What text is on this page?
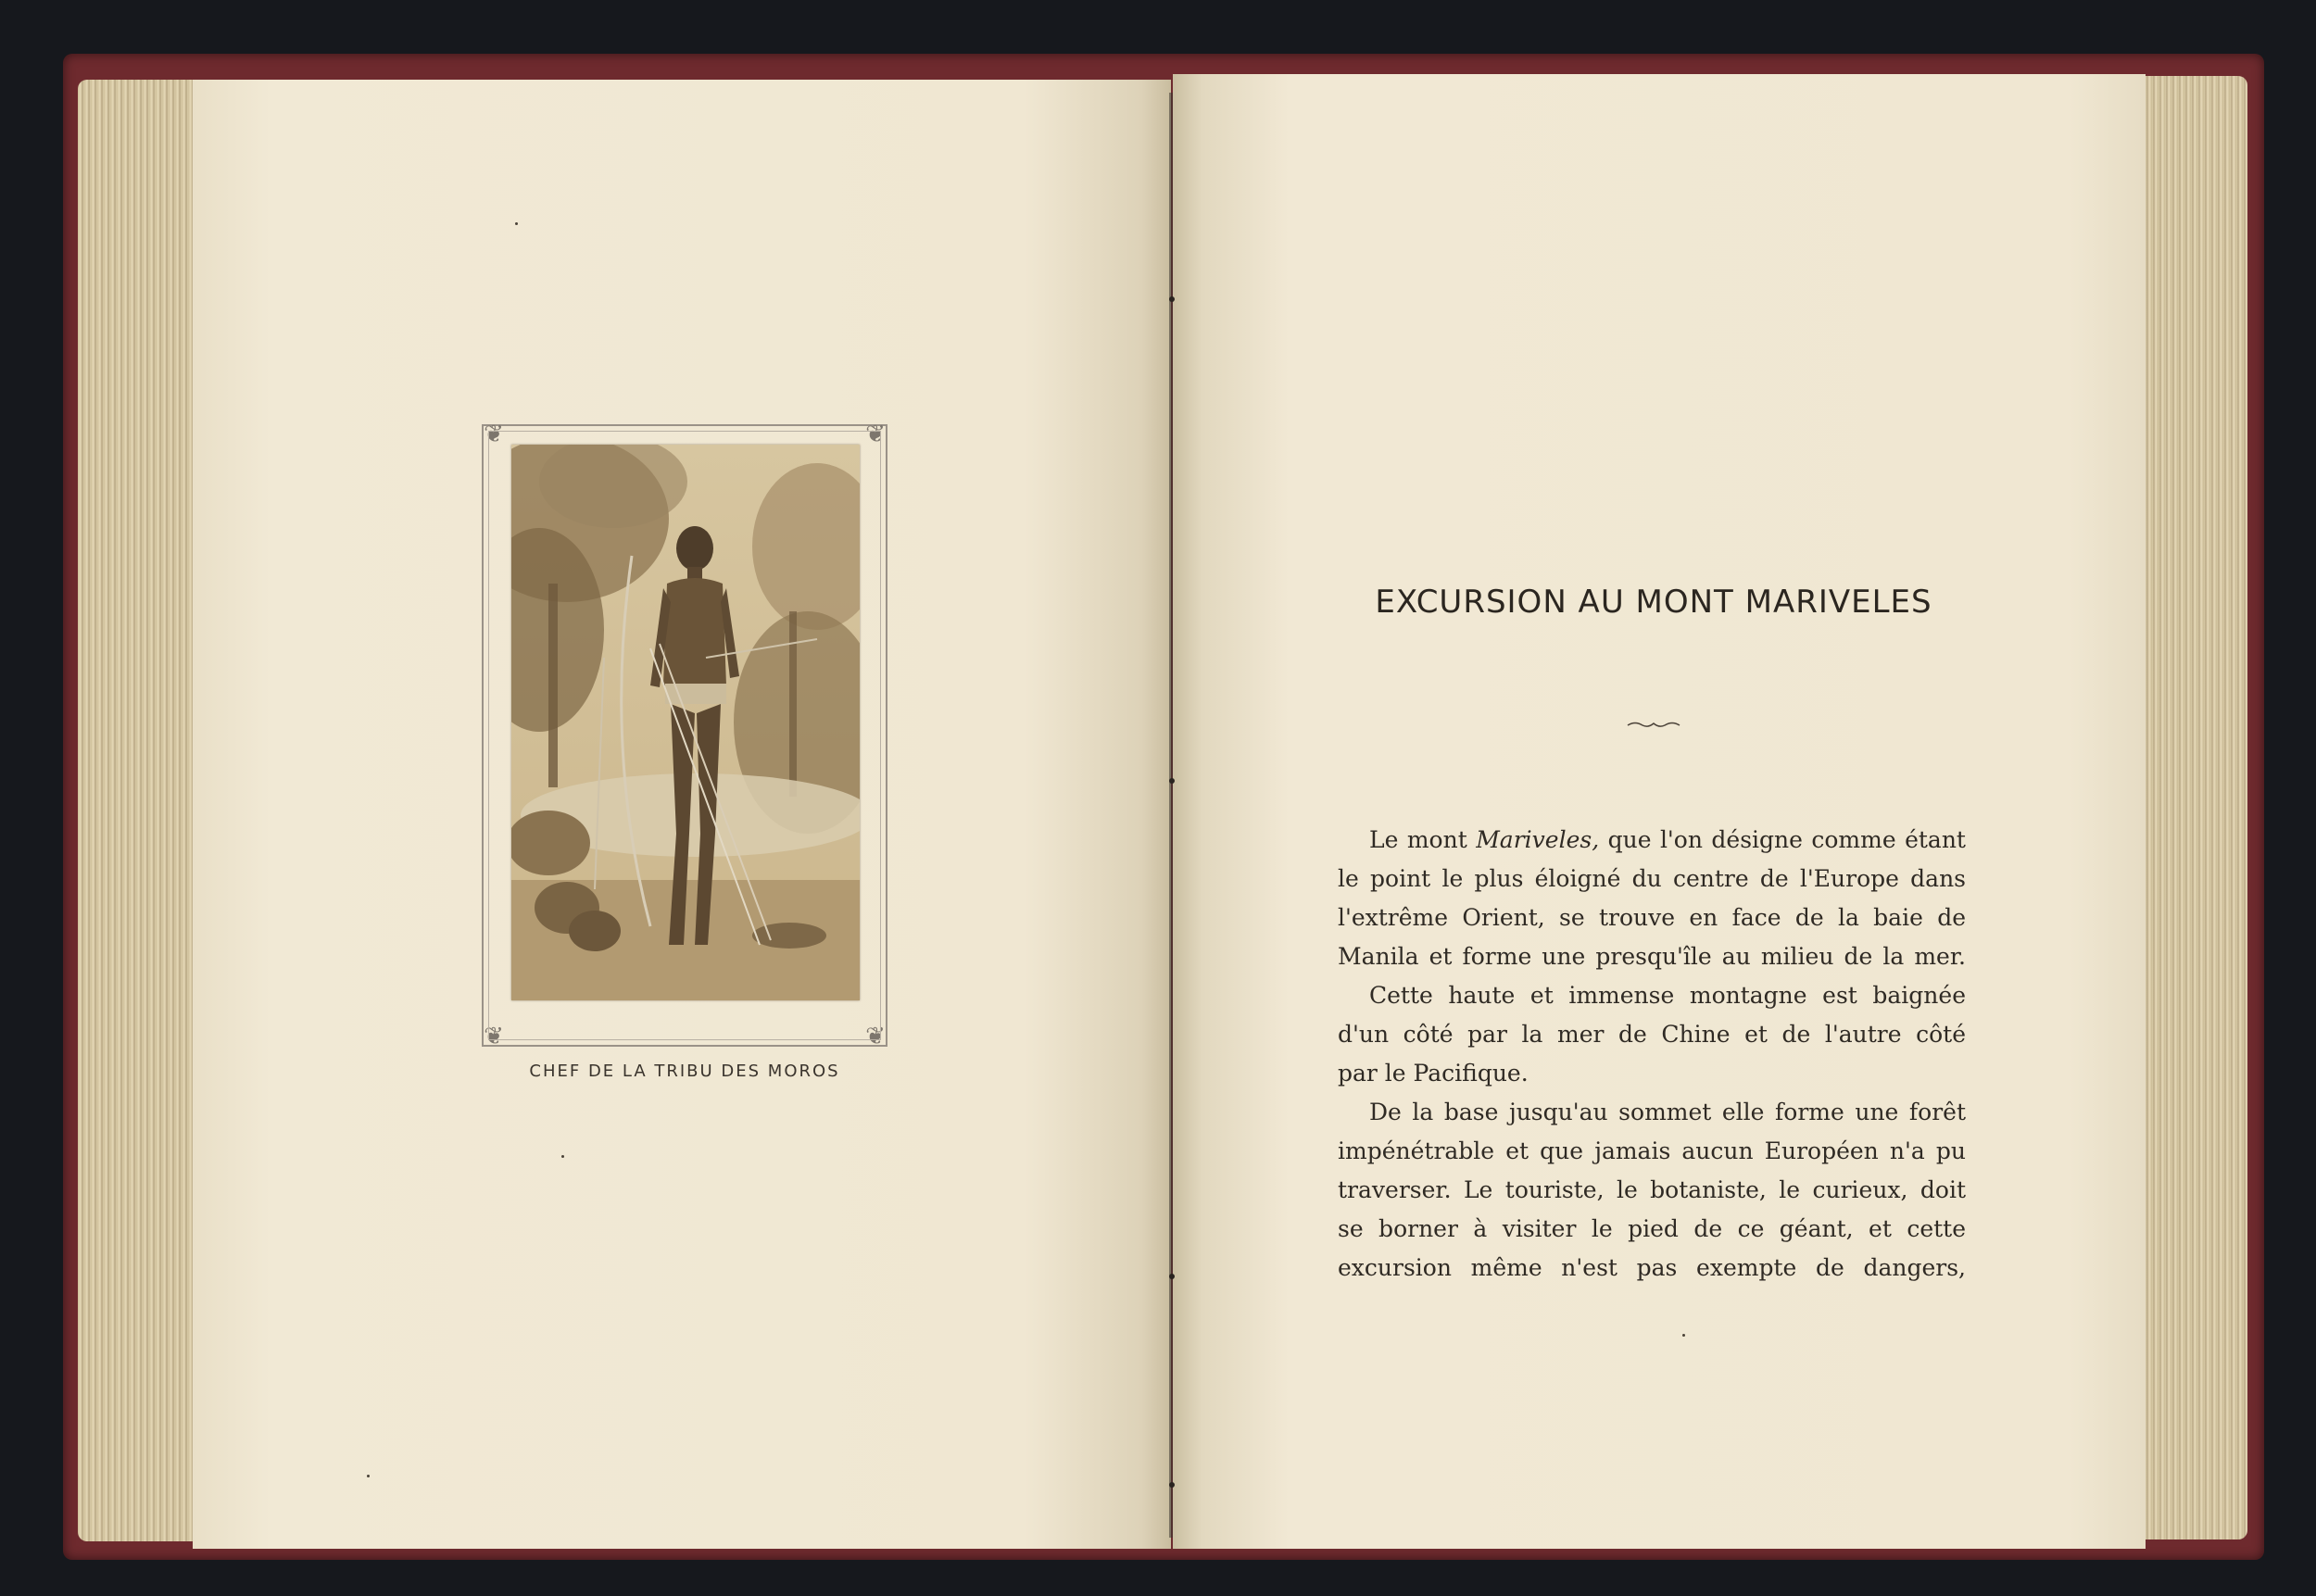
❦	❦
❦	❦
CHEF DE LA TRIBU DES MOROS
EXCURSION AU MONT MARIVELES
Le mont Mariveles, que l'on désigne comme étant
le point le plus éloigné du centre de l'Europe dans
l'extrême Orient, se trouve en face de la baie de
Manila et forme une presqu'île au milieu de la mer.
Cette haute et immense montagne est baignée
d'un côté par la mer de Chine et de l'autre côté
par le Pacifique.
De la base jusqu'au sommet elle forme une forêt
impénétrable et que jamais aucun Européen n'a pu
traverser. Le touriste, le botaniste, le curieux, doit
se borner à visiter le pied de ce géant, et cette
excursion même n'est pas exempte de dangers,
